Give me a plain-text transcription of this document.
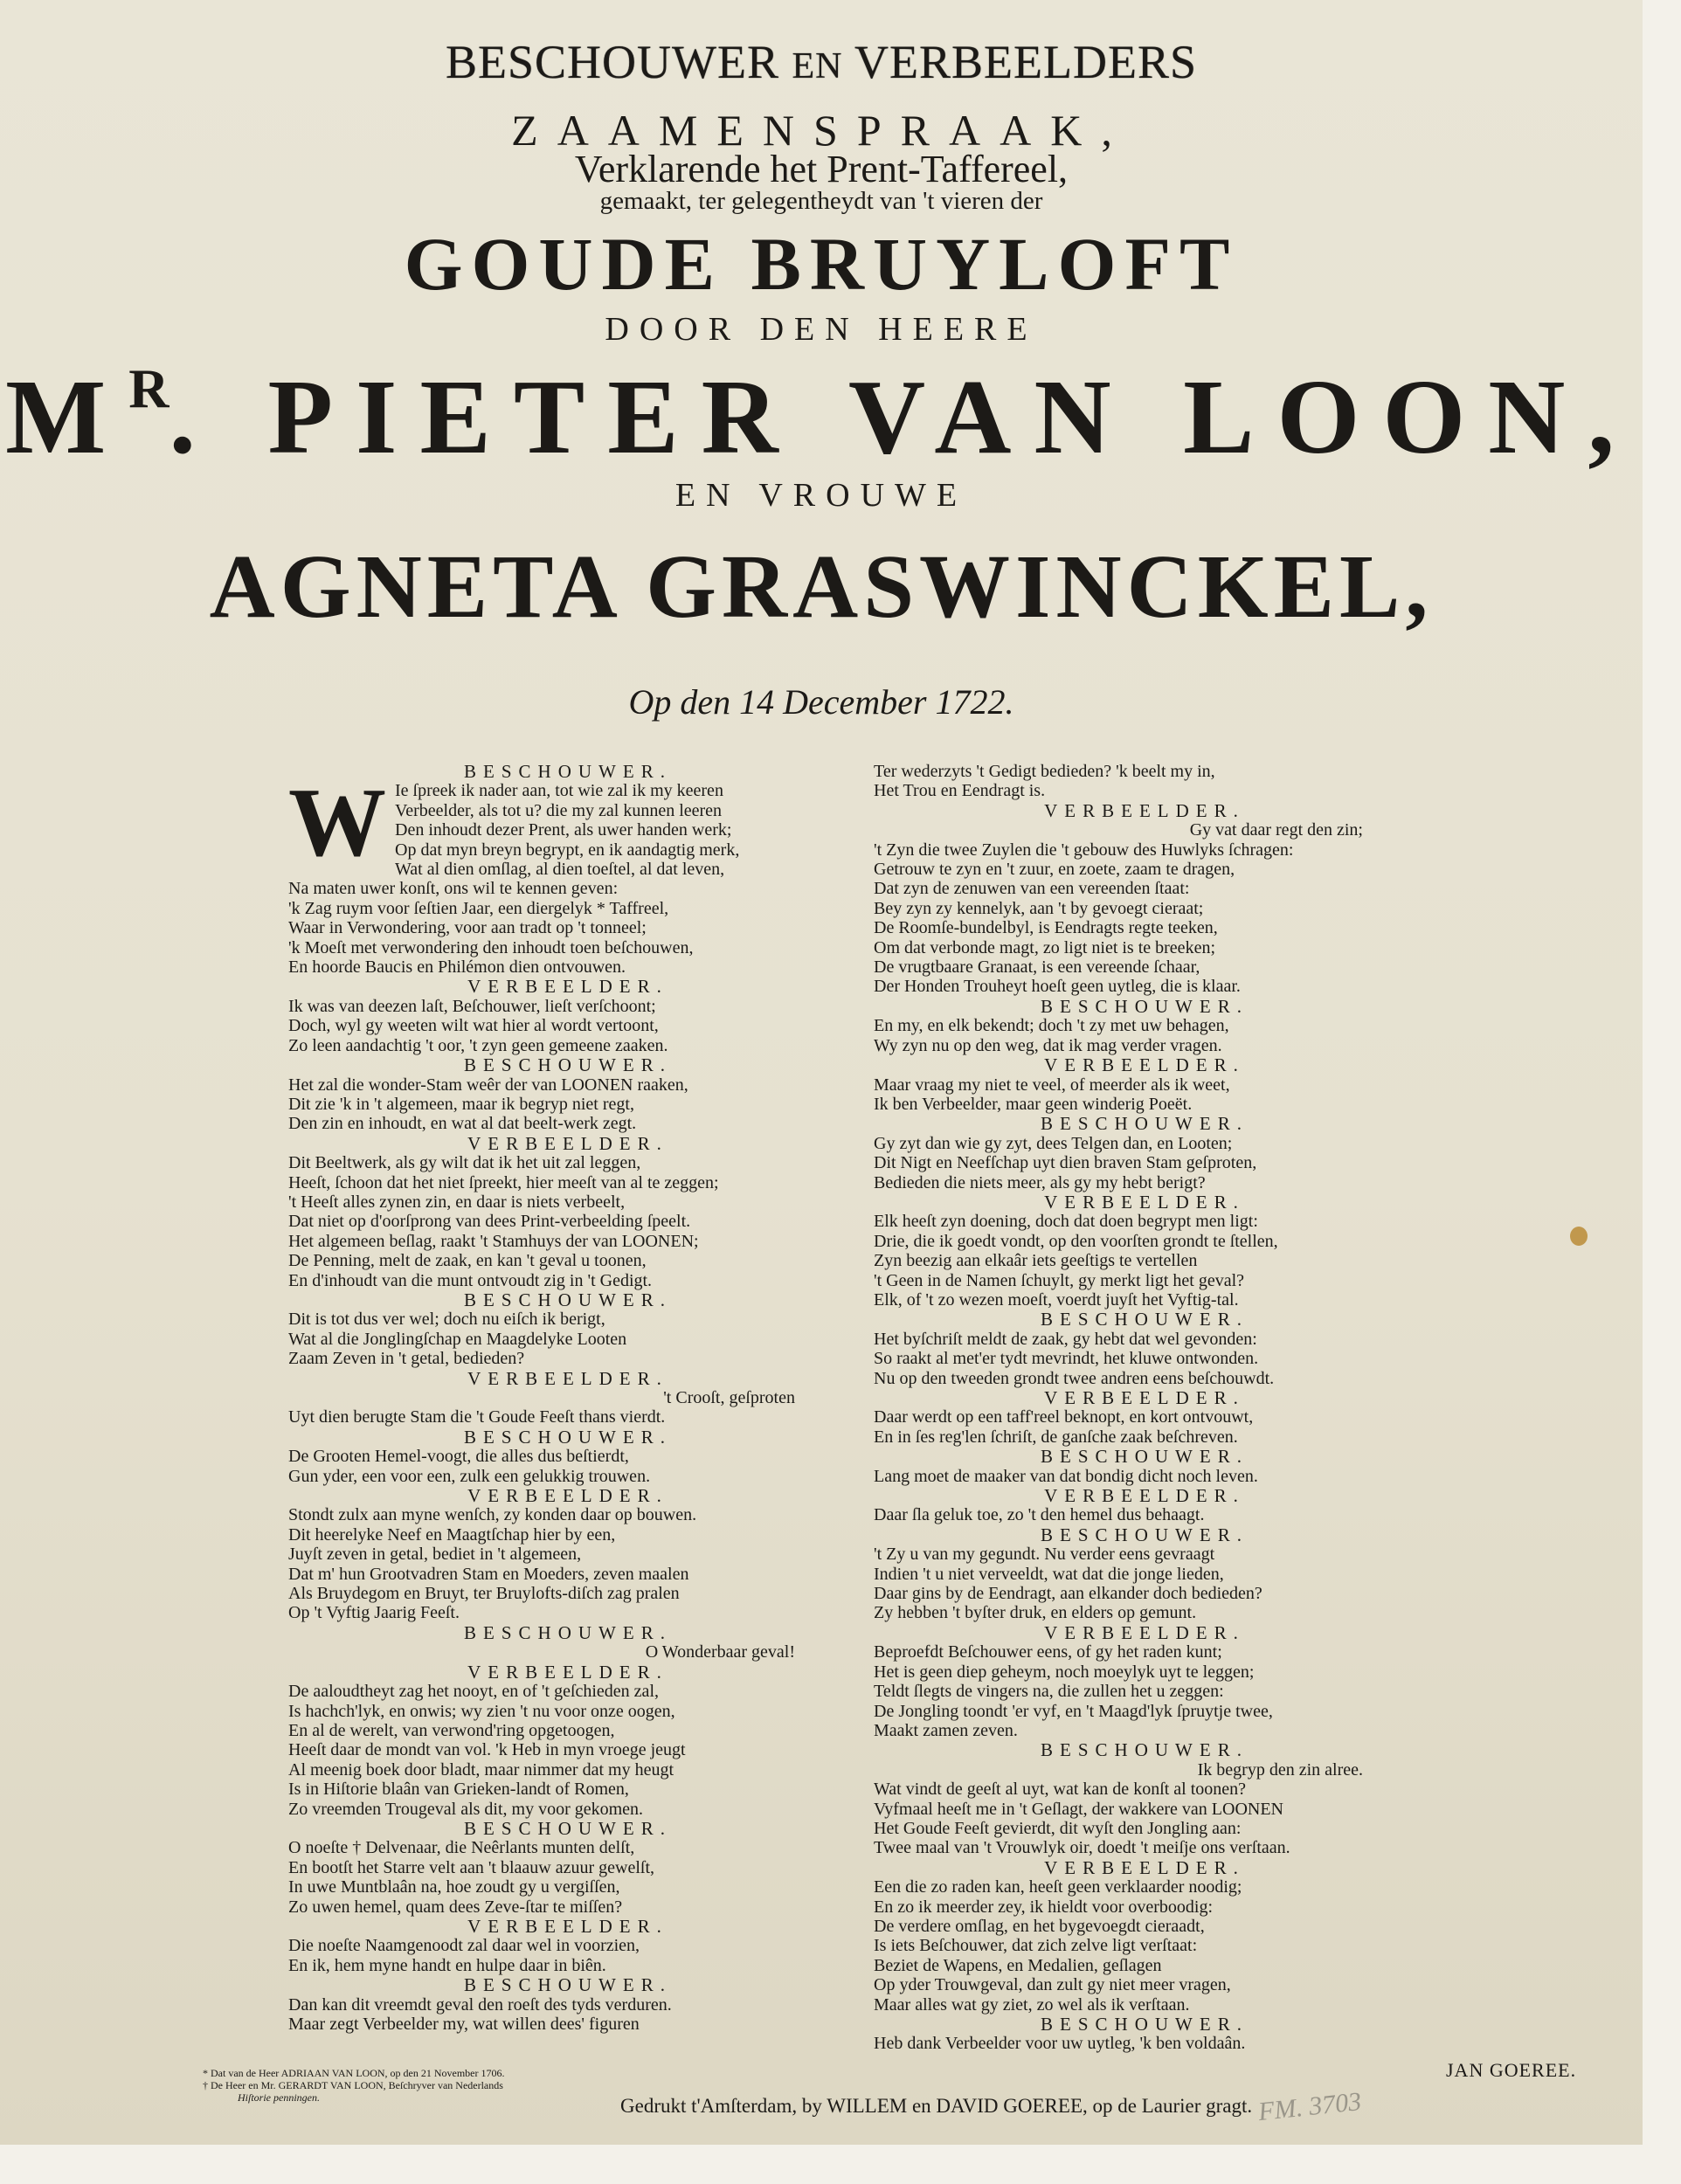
BESCHOUWER EN VERBEELDERS
ZAAMENSPRAAK,
Verklarende het Prent-Taffereel,
gemaakt, ter gelegentheydt van 't vieren der
GOUDE BRUYLOFT
DOOR DEN HEERE
$M^R$. PIETER VAN LOON,
EN VROUWE
AGNETA GRASWINCKEL,
Op den 14 December 1722.
BESCHOUWER.
W Ie ſpreek ik nader aan, tot wie zal ik my keeren
Verbeelder, als tot u? die my zal kunnen leeren
Den inhoudt dezer Prent, als uwer handen werk;
Op dat myn breyn begrypt, en ik aandagtig merk,
Wat al dien omſlag, al dien toeſtel, al dat leven,
Na maten uwer konſt, ons wil te kennen geven:
'k Zag ruym voor ſeſtien Jaar, een diergelyk * Taffreel,
Waar in Verwondering, voor aan tradt op 't tonneel;
'k Moeſt met verwondering den inhoudt toen beſchouwen,
En hoorde Baucis en Philémon dien ontvouwen.
VERBEELDER.
Ik was van deezen laſt, Beſchouwer, lieſt verſchoont;
Doch, wyl gy weeten wilt wat hier al wordt vertoont,
Zo leen aandachtig 't oor, 't zyn geen gemeene zaaken.
BESCHOUWER.
Het zal die wonder-Stam weêr der van LOONEN raaken,
Dit zie 'k in 't algemeen, maar ik begryp niet regt,
Den zin en inhoudt, en wat al dat beelt-werk zegt.
VERBEELDER.
Dit Beeltwerk, als gy wilt dat ik het uit zal leggen,
Heeſt, ſchoon dat het niet ſpreekt, hier meeſt van al te zeggen;
't Heeſt alles zynen zin, en daar is niets verbeelt,
Dat niet op d'oorſprong van dees Print-verbeelding ſpeelt.
Het algemeen beſlag, raakt 't Stamhuys der van LOONEN;
De Penning, melt de zaak, en kan 't geval u toonen,
En d'inhoudt van die munt ontvoudt zig in 't Gedigt.
BESCHOUWER.
Dit is tot dus ver wel; doch nu eiſch ik berigt,
Wat al die Jonglingſchap en Maagdelyke Looten
Zaam Zeven in 't getal, bedieden?
VERBEELDER.
't Crooſt, geſproten
Uyt dien berugte Stam die 't Goude Feeſt thans vierdt.
BESCHOUWER.
De Grooten Hemel-voogt, die alles dus beſtierdt,
Gun yder, een voor een, zulk een gelukkig trouwen.
VERBEELDER.
Stondt zulx aan myne wenſch, zy konden daar op bouwen.
Dit heerelyke Neef en Maagtſchap hier by een,
Juyſt zeven in getal, bediet in 't algemeen,
Dat m' hun Grootvadren Stam en Moeders, zeven maalen
Als Bruydegom en Bruyt, ter Bruylofts-diſch zag pralen
Op 't Vyftig Jaarig Feeſt.
BESCHOUWER.
O Wonderbaar geval!
VERBEELDER.
De aaloudtheyt zag het nooyt, en of 't geſchieden zal,
Is hachch'lyk, en onwis; wy zien 't nu voor onze oogen,
En al de werelt, van verwond'ring opgetoogen,
Heeſt daar de mondt van vol. 'k Heb in myn vroege jeugt
Al meenig boek door bladt, maar nimmer dat my heugt
Is in Hiſtorie blaân van Grieken-landt of Romen,
Zo vreemden Trougeval als dit, my voor gekomen.
BESCHOUWER.
O noeſte † Delvenaar, die Neêrlants munten delſt,
En bootſt het Starre velt aan 't blaauw azuur gewelſt,
In uwe Muntblaân na, hoe zoudt gy u vergiſſen,
Zo uwen hemel, quam dees Zeve-ſtar te miſſen?
VERBEELDER.
Die noeſte Naamgenoodt zal daar wel in voorzien,
En ik, hem myne handt en hulpe daar in biên.
BESCHOUWER.
Dan kan dit vreemdt geval den roeſt des tyds verduren.
Maar zegt Verbeelder my, wat willen dees' figuren
Ter wederzyts 't Gedigt bedieden? 'k beelt my in,
Het Trou en Eendragt is.
VERBEELDER.
Gy vat daar regt den zin;
't Zyn die twee Zuylen die 't gebouw des Huwlyks ſchragen:
Getrouw te zyn en 't zuur, en zoete, zaam te dragen,
Dat zyn de zenuwen van een vereenden ſtaat:
Bey zyn zy kennelyk, aan 't by gevoegt cieraat;
De Roomſe-bundelbyl, is Eendragts regte teeken,
Om dat verbonde magt, zo ligt niet is te breeken;
De vrugtbaare Granaat, is een vereende ſchaar,
Der Honden Trouheyt hoeſt geen uytleg, die is klaar.
BESCHOUWER.
En my, en elk bekendt; doch 't zy met uw behagen,
Wy zyn nu op den weg, dat ik mag verder vragen.
VERBEELDER.
Maar vraag my niet te veel, of meerder als ik weet,
Ik ben Verbeelder, maar geen winderig Poeët.
BESCHOUWER.
Gy zyt dan wie gy zyt, dees Telgen dan, en Looten;
Dit Nigt en Neefſchap uyt dien braven Stam geſproten,
Bedieden die niets meer, als gy my hebt berigt?
VERBEELDER.
Elk heeſt zyn doening, doch dat doen begrypt men ligt:
Drie, die ik goedt vondt, op den voorſten grondt te ſtellen,
Zyn beezig aan elkaâr iets geeſtigs te vertellen
't Geen in de Namen ſchuylt, gy merkt ligt het geval?
Elk, of 't zo wezen moeſt, voerdt juyſt het Vyftig-tal.
BESCHOUWER.
Het byſchriſt meldt de zaak, gy hebt dat wel gevonden:
So raakt al met'er tydt mevrindt, het kluwe ontwonden.
Nu op den tweeden grondt twee andren eens beſchouwdt.
VERBEELDER.
Daar werdt op een taff'reel beknopt, en kort ontvouwt,
En in ſes reg'len ſchriſt, de ganſche zaak beſchreven.
BESCHOUWER.
Lang moet de maaker van dat bondig dicht noch leven.
VERBEELDER.
Daar ſla geluk toe, zo 't den hemel dus behaagt.
BESCHOUWER.
't Zy u van my gegundt. Nu verder eens gevraagt
Indien 't u niet verveeldt, wat dat die jonge lieden,
Daar gins by de Eendragt, aan elkander doch bedieden?
Zy hebben 't byſter druk, en elders op gemunt.
VERBEELDER.
Beproefdt Beſchouwer eens, of gy het raden kunt;
Het is geen diep geheym, noch moeylyk uyt te leggen;
Teldt ſlegts de vingers na, die zullen het u zeggen:
De Jongling toondt 'er vyf, en 't Maagd'lyk ſpruytje twee,
Maakt zamen zeven.
BESCHOUWER.
Ik begryp den zin alree.
Wat vindt de geeſt al uyt, wat kan de konſt al toonen?
Vyfmaal heeſt me in 't Geſlagt, der wakkere van LOONEN
Het Goude Feeſt gevierdt, dit wyſt den Jongling aan:
Twee maal van 't Vrouwlyk oir, doedt 't meiſje ons verſtaan.
VERBEELDER.
Een die zo raden kan, heeſt geen verklaarder noodig;
En zo ik meerder zey, ik hieldt voor overboodig:
De verdere omſlag, en het bygevoegdt cieraadt,
Is iets Beſchouwer, dat zich zelve ligt verſtaat:
Beziet de Wapens, en Medalien, geſlagen
Op yder Trouwgeval, dan zult gy niet meer vragen,
Maar alles wat gy ziet, zo wel als ik verſtaan.
BESCHOUWER.
Heb dank Verbeelder voor uw uytleg, 'k ben voldaân.
* Dat van de Heer ADRIAAN VAN LOON, op den 21 November 1706.
† De Heer en Mr. GERARDT VAN LOON, Beſchryver van Nederlands
Hiſtorie penningen.	Gedrukt t'Amſterdam, by WILLEM en DAVID GOEREE, op de Laurier gragt.
JAN GOEREE.
FM. 3703
